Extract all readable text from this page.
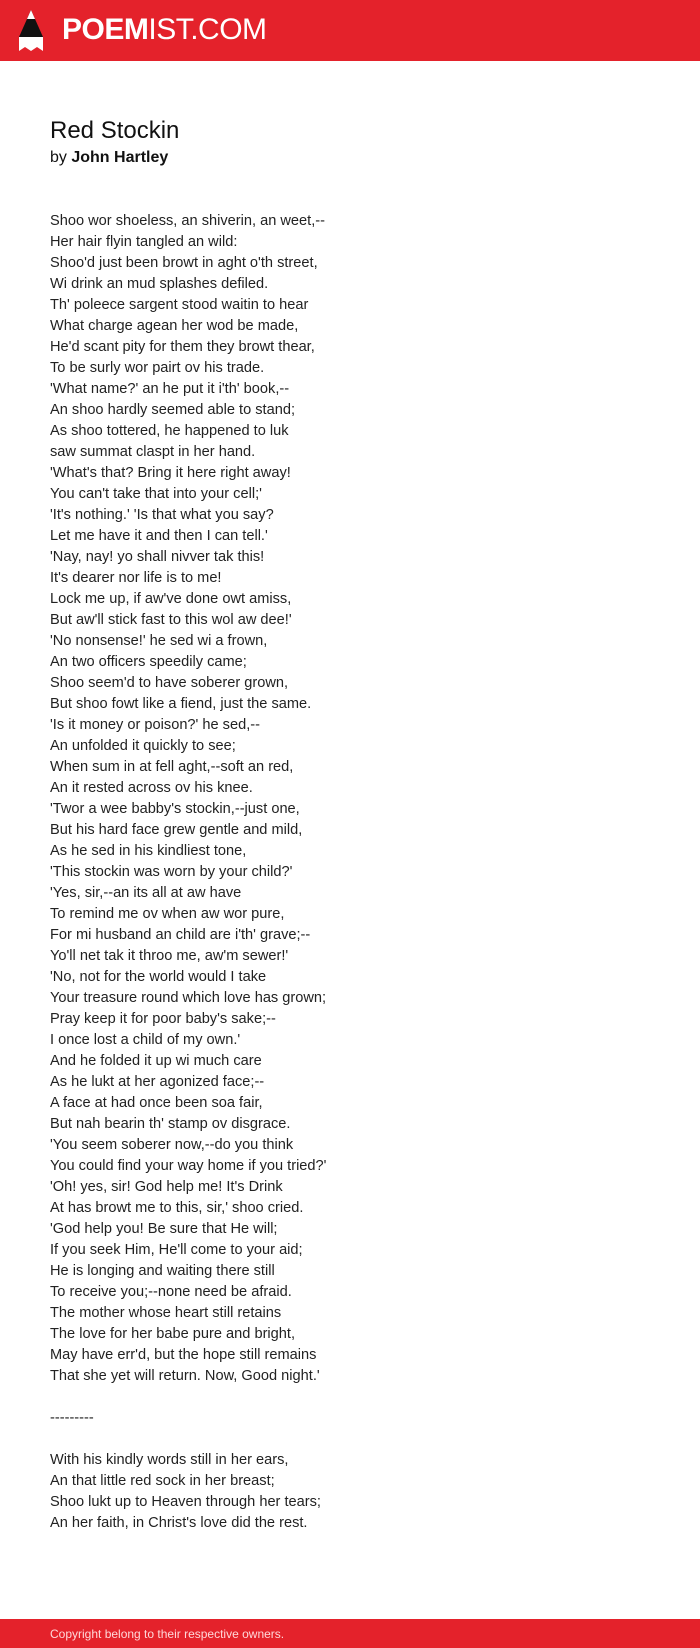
POEMIST.COM
Red Stockin
by John Hartley
Shoo wor shoeless, an shiverin, an weet,--
Her hair flyin tangled an wild:
Shoo'd just been browt in aght o'th street,
Wi drink an mud splashes defiled.
Th' poleece sargent stood waitin to hear
What charge agean her wod be made,
He'd scant pity for them they browt thear,
To be surly wor pairt ov his trade.
'What name?' an he put it i'th' book,--
An shoo hardly seemed able to stand;
As shoo tottered, he happened to luk
saw summat claspt in her hand.
'What's that? Bring it here right away!
You can't take that into your cell;'
'It's nothing.' 'Is that what you say?
Let me have it and then I can tell.'
'Nay, nay! yo shall nivver tak this!
It's dearer nor life is to me!
Lock me up, if aw've done owt amiss,
But aw'll stick fast to this wol aw dee!'
'No nonsense!' he sed wi a frown,
An two officers speedily came;
Shoo seem'd to have soberer grown,
But shoo fowt like a fiend, just the same.
'Is it money or poison?' he sed,--
An unfolded it quickly to see;
When sum in at fell aght,--soft an red,
An it rested across ov his knee.
'Twor a wee babby's stockin,--just one,
But his hard face grew gentle and mild,
As he sed in his kindliest tone,
'This stockin was worn by your child?'
'Yes, sir,--an its all at aw have
To remind me ov when aw wor pure,
For mi husband an child are i'th' grave;--
Yo'll net tak it throo me, aw'm sewer!'
'No, not for the world would I take
Your treasure round which love has grown;
Pray keep it for poor baby's sake;--
I once lost a child of my own.'
And he folded it up wi much care
As he lukt at her agonized face;--
A face at had once been soa fair,
But nah bearin th' stamp ov disgrace.
'You seem soberer now,--do you think
You could find your way home if you tried?'
'Oh! yes, sir! God help me! It's Drink
At has browt me to this, sir,' shoo cried.
'God help you! Be sure that He will;
If you seek Him, He'll come to your aid;
He is longing and waiting there still
To receive you;--none need be afraid.
The mother whose heart still retains
The love for her babe pure and bright,
May have err'd, but the hope still remains
That she yet will return. Now, Good night.'
---------
With his kindly words still in her ears,
An that little red sock in her breast;
Shoo lukt up to Heaven through her tears;
An her faith, in Christ's love did the rest.
Copyright belong to their respective owners.
